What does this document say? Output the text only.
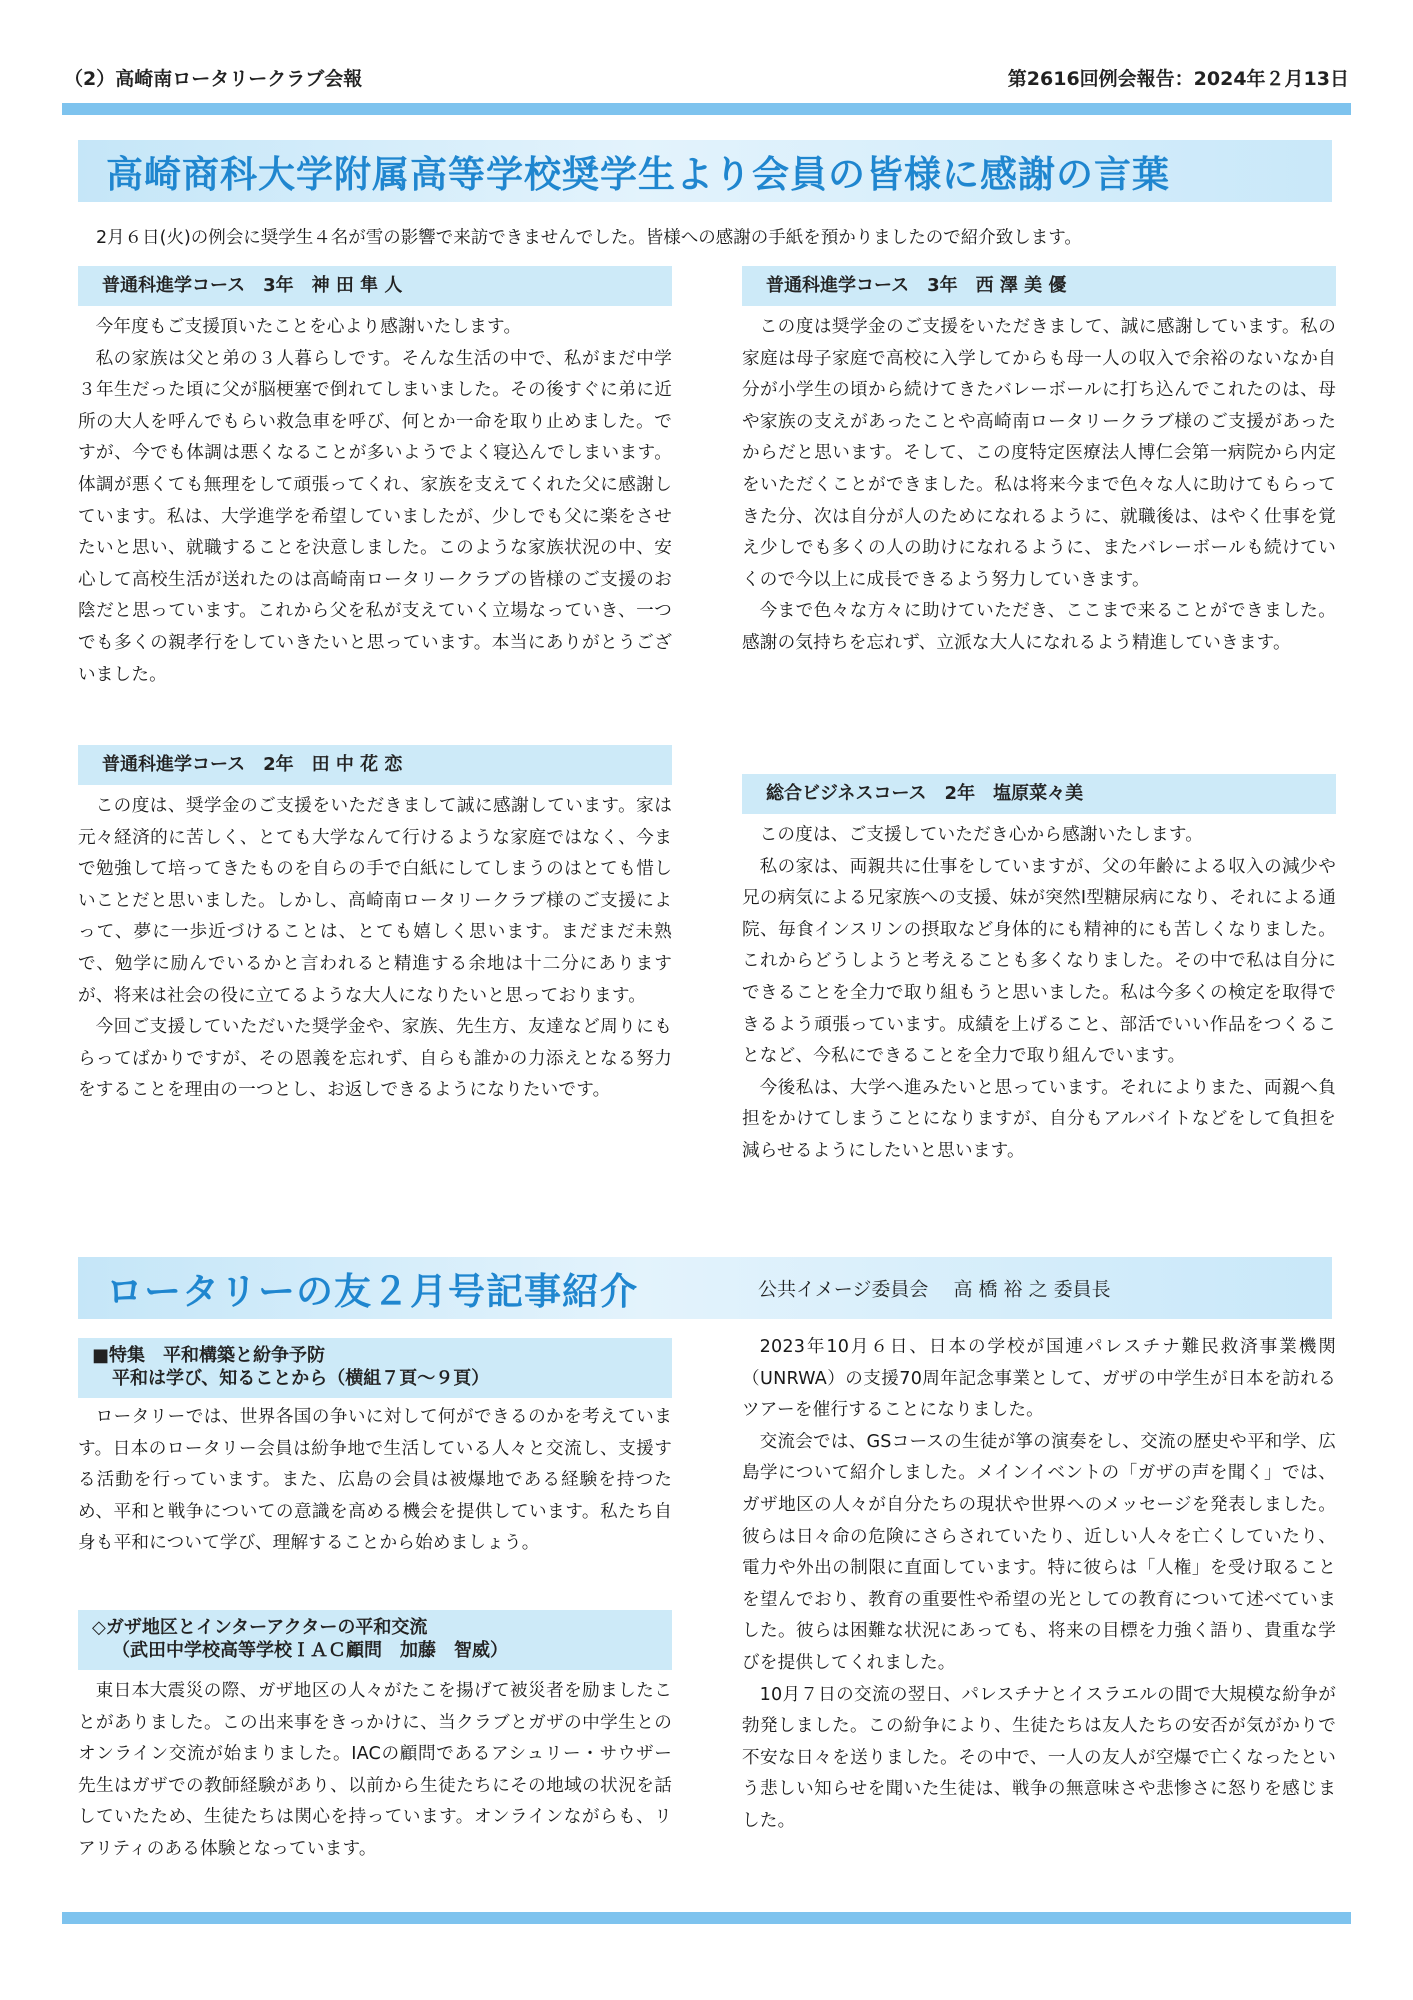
（2）高崎南ロータリークラブ会報	第2616回例会報告：2024年２月13日
高崎商科大学附属高等学校奨学生より会員の皆様に感謝の言葉
2月６日(火)の例会に奨学生４名が雪の影響で来訪できませんでした。皆様への感謝の手紙を預かりましたので紹介致します。
普通科進学コース　3年　神 田 隼 人

今年度もご支援頂いたことを心より感謝いたします。

私の家族は父と弟の３人暮らしです。そんな生活の中で、私がまだ中学３年生だった頃に父が脳梗塞で倒れてしまいました。その後すぐに弟に近所の大人を呼んでもらい救急車を呼び、何とか一命を取り止めました。ですが、今でも体調は悪くなることが多いようでよく寝込んでしまいます。体調が悪くても無理をして頑張ってくれ、家族を支えてくれた父に感謝しています。私は、大学進学を希望していましたが、少しでも父に楽をさせたいと思い、就職することを決意しました。このような家族状況の中、安心して高校生活が送れたのは高崎南ロータリークラブの皆様のご支援のお陰だと思っています。これから父を私が支えていく立場なっていき、一つでも多くの親孝行をしていきたいと思っています。本当にありがとうございました。

普通科進学コース　2年　田 中 花 恋

この度は、奨学金のご支援をいただきまして誠に感謝しています。家は元々経済的に苦しく、とても大学なんて行けるような家庭ではなく、今まで勉強して培ってきたものを自らの手で白紙にしてしまうのはとても惜しいことだと思いました。しかし、高崎南ロータリークラブ様のご支援によって、夢に一歩近づけることは、とても嬉しく思います。まだまだ未熟で、勉学に励んでいるかと言われると精進する余地は十二分にありますが、将来は社会の役に立てるような大人になりたいと思っております。

今回ご支援していただいた奨学金や、家族、先生方、友達など周りにもらってばかりですが、その恩義を忘れず、自らも誰かの力添えとなる努力をすることを理由の一つとし、お返しできるようになりたいです。

普通科進学コース　3年　西 澤 美 優

この度は奨学金のご支援をいただきまして、誠に感謝しています。私の家庭は母子家庭で高校に入学してからも母一人の収入で余裕のないなか自分が小学生の頃から続けてきたバレーボールに打ち込んでこれたのは、母や家族の支えがあったことや高崎南ロータリークラブ様のご支援があったからだと思います。そして、この度特定医療法人博仁会第一病院から内定をいただくことができました。私は将来今まで色々な人に助けてもらってきた分、次は自分が人のためになれるように、就職後は、はやく仕事を覚え少しでも多くの人の助けになれるように、またバレーボールも続けていくので今以上に成長できるよう努力していきます。

今まで色々な方々に助けていただき、ここまで来ることができました。感謝の気持ちを忘れず、立派な大人になれるよう精進していきます。

総合ビジネスコース　2年　塩原菜々美

この度は、ご支援していただき心から感謝いたします。

私の家は、両親共に仕事をしていますが、父の年齢による収入の減少や兄の病気による兄家族への支援、妹が突然Ⅰ型糖尿病になり、それによる通院、毎食インスリンの摂取など身体的にも精神的にも苦しくなりました。これからどうしようと考えることも多くなりました。その中で私は自分にできることを全力で取り組もうと思いました。私は今多くの検定を取得できるよう頑張っています。成績を上げること、部活でいい作品をつくることなど、今私にできることを全力で取り組んでいます。

今後私は、大学へ進みたいと思っています。それによりまた、両親へ負担をかけてしまうことになりますが、自分もアルバイトなどをして負担を減らせるようにしたいと思います。

ロータリーの友２月号記事紹介	公共イメージ委員会　 高 橋 裕 之 委員長
■特集　平和構築と紛争予防
平和は学び、知ることから（横組７頁～９頁）

ロータリーでは、世界各国の争いに対して何ができるのかを考えています。日本のロータリー会員は紛争地で生活している人々と交流し、支援する活動を行っています。また、広島の会員は被爆地である経験を持つため、平和と戦争についての意識を高める機会を提供しています。私たち自身も平和について学び、理解することから始めましょう。

◇ガザ地区とインターアクターの平和交流
（武田中学校高等学校ＩＡＣ顧問　加藤　智威）

東日本大震災の際、ガザ地区の人々がたこを揚げて被災者を励ましたことがありました。この出来事をきっかけに、当クラブとガザの中学生とのオンライン交流が始まりました。IACの顧問であるアシュリー・サウザー先生はガザでの教師経験があり、以前から生徒たちにその地域の状況を話していたため、生徒たちは関心を持っています。オンラインながらも、リアリティのある体験となっています。

2023年10月６日、日本の学校が国連パレスチナ難民救済事業機関（UNRWA）の支援70周年記念事業として、ガザの中学生が日本を訪れるツアーを催行することになりました。

交流会では、GSコースの生徒が箏の演奏をし、交流の歴史や平和学、広島学について紹介しました。メインイベントの「ガザの声を聞く」では、ガザ地区の人々が自分たちの現状や世界へのメッセージを発表しました。彼らは日々命の危険にさらされていたり、近しい人々を亡くしていたり、電力や外出の制限に直面しています。特に彼らは「人権」を受け取ることを望んでおり、教育の重要性や希望の光としての教育について述べていました。彼らは困難な状況にあっても、将来の目標を力強く語り、貴重な学びを提供してくれました。

10月７日の交流の翌日、パレスチナとイスラエルの間で大規模な紛争が勃発しました。この紛争により、生徒たちは友人たちの安否が気がかりで不安な日々を送りました。その中で、一人の友人が空爆で亡くなったという悲しい知らせを聞いた生徒は、戦争の無意味さや悲惨さに怒りを感じました。
